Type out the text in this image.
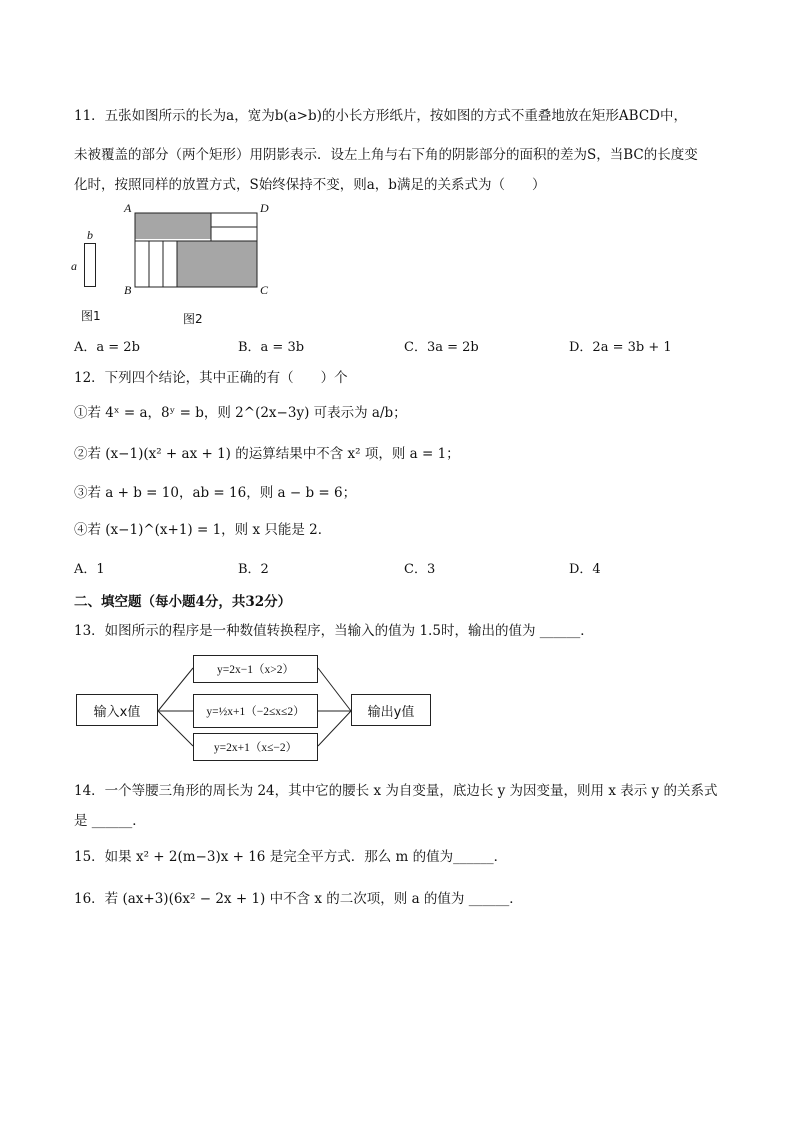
11．五张如图所示的长为a，宽为b(a>b)的小长方形纸片，按如图的方式不重叠地放在矩形ABCD中，
未被覆盖的部分（两个矩形）用阴影表示．设左上角与右下角的阴影部分的面积的差为S，当BC的长度变
化时，按照同样的放置方式，S始终保持不变，则a，b满足的关系式为（　　）
b
a
图1
A	D
B	C
图2
A．a = 2b	B．a = 3b	C．3a = 2b	D．2a = 3b + 1
12．下列四个结论，其中正确的有（　　）个
①若 4ˣ = a，8ʸ = b，则 2^(2x−3y) 可表示为 a/b；
②若 (x−1)(x² + ax + 1) 的运算结果中不含 x² 项，则 a = 1；
③若 a + b = 10，ab = 16，则 a − b = 6；
④若 (x−1)^(x+1) = 1，则 x 只能是 2．
A．1	B．2	C．3	D．4
二、填空题（每小题4分，共32分）
13．如图所示的程序是一种数值转换程序，当输入的值为 1.5时，输出的值为 ______．
输入x值
y=2x−1（x>2）
y=½x+1（−2≤x≤2）
y=2x+1（x≤−2）
输出y值
14．一个等腰三角形的周长为 24，其中它的腰长 x 为自变量，底边长 y 为因变量，则用 x 表示 y 的关系式
是 ______．
15．如果 x² + 2(m−3)x + 16 是完全平方式．那么 m 的值为______．
16．若 (ax+3)(6x² − 2x + 1) 中不含 x 的二次项，则 a 的值为 ______．
